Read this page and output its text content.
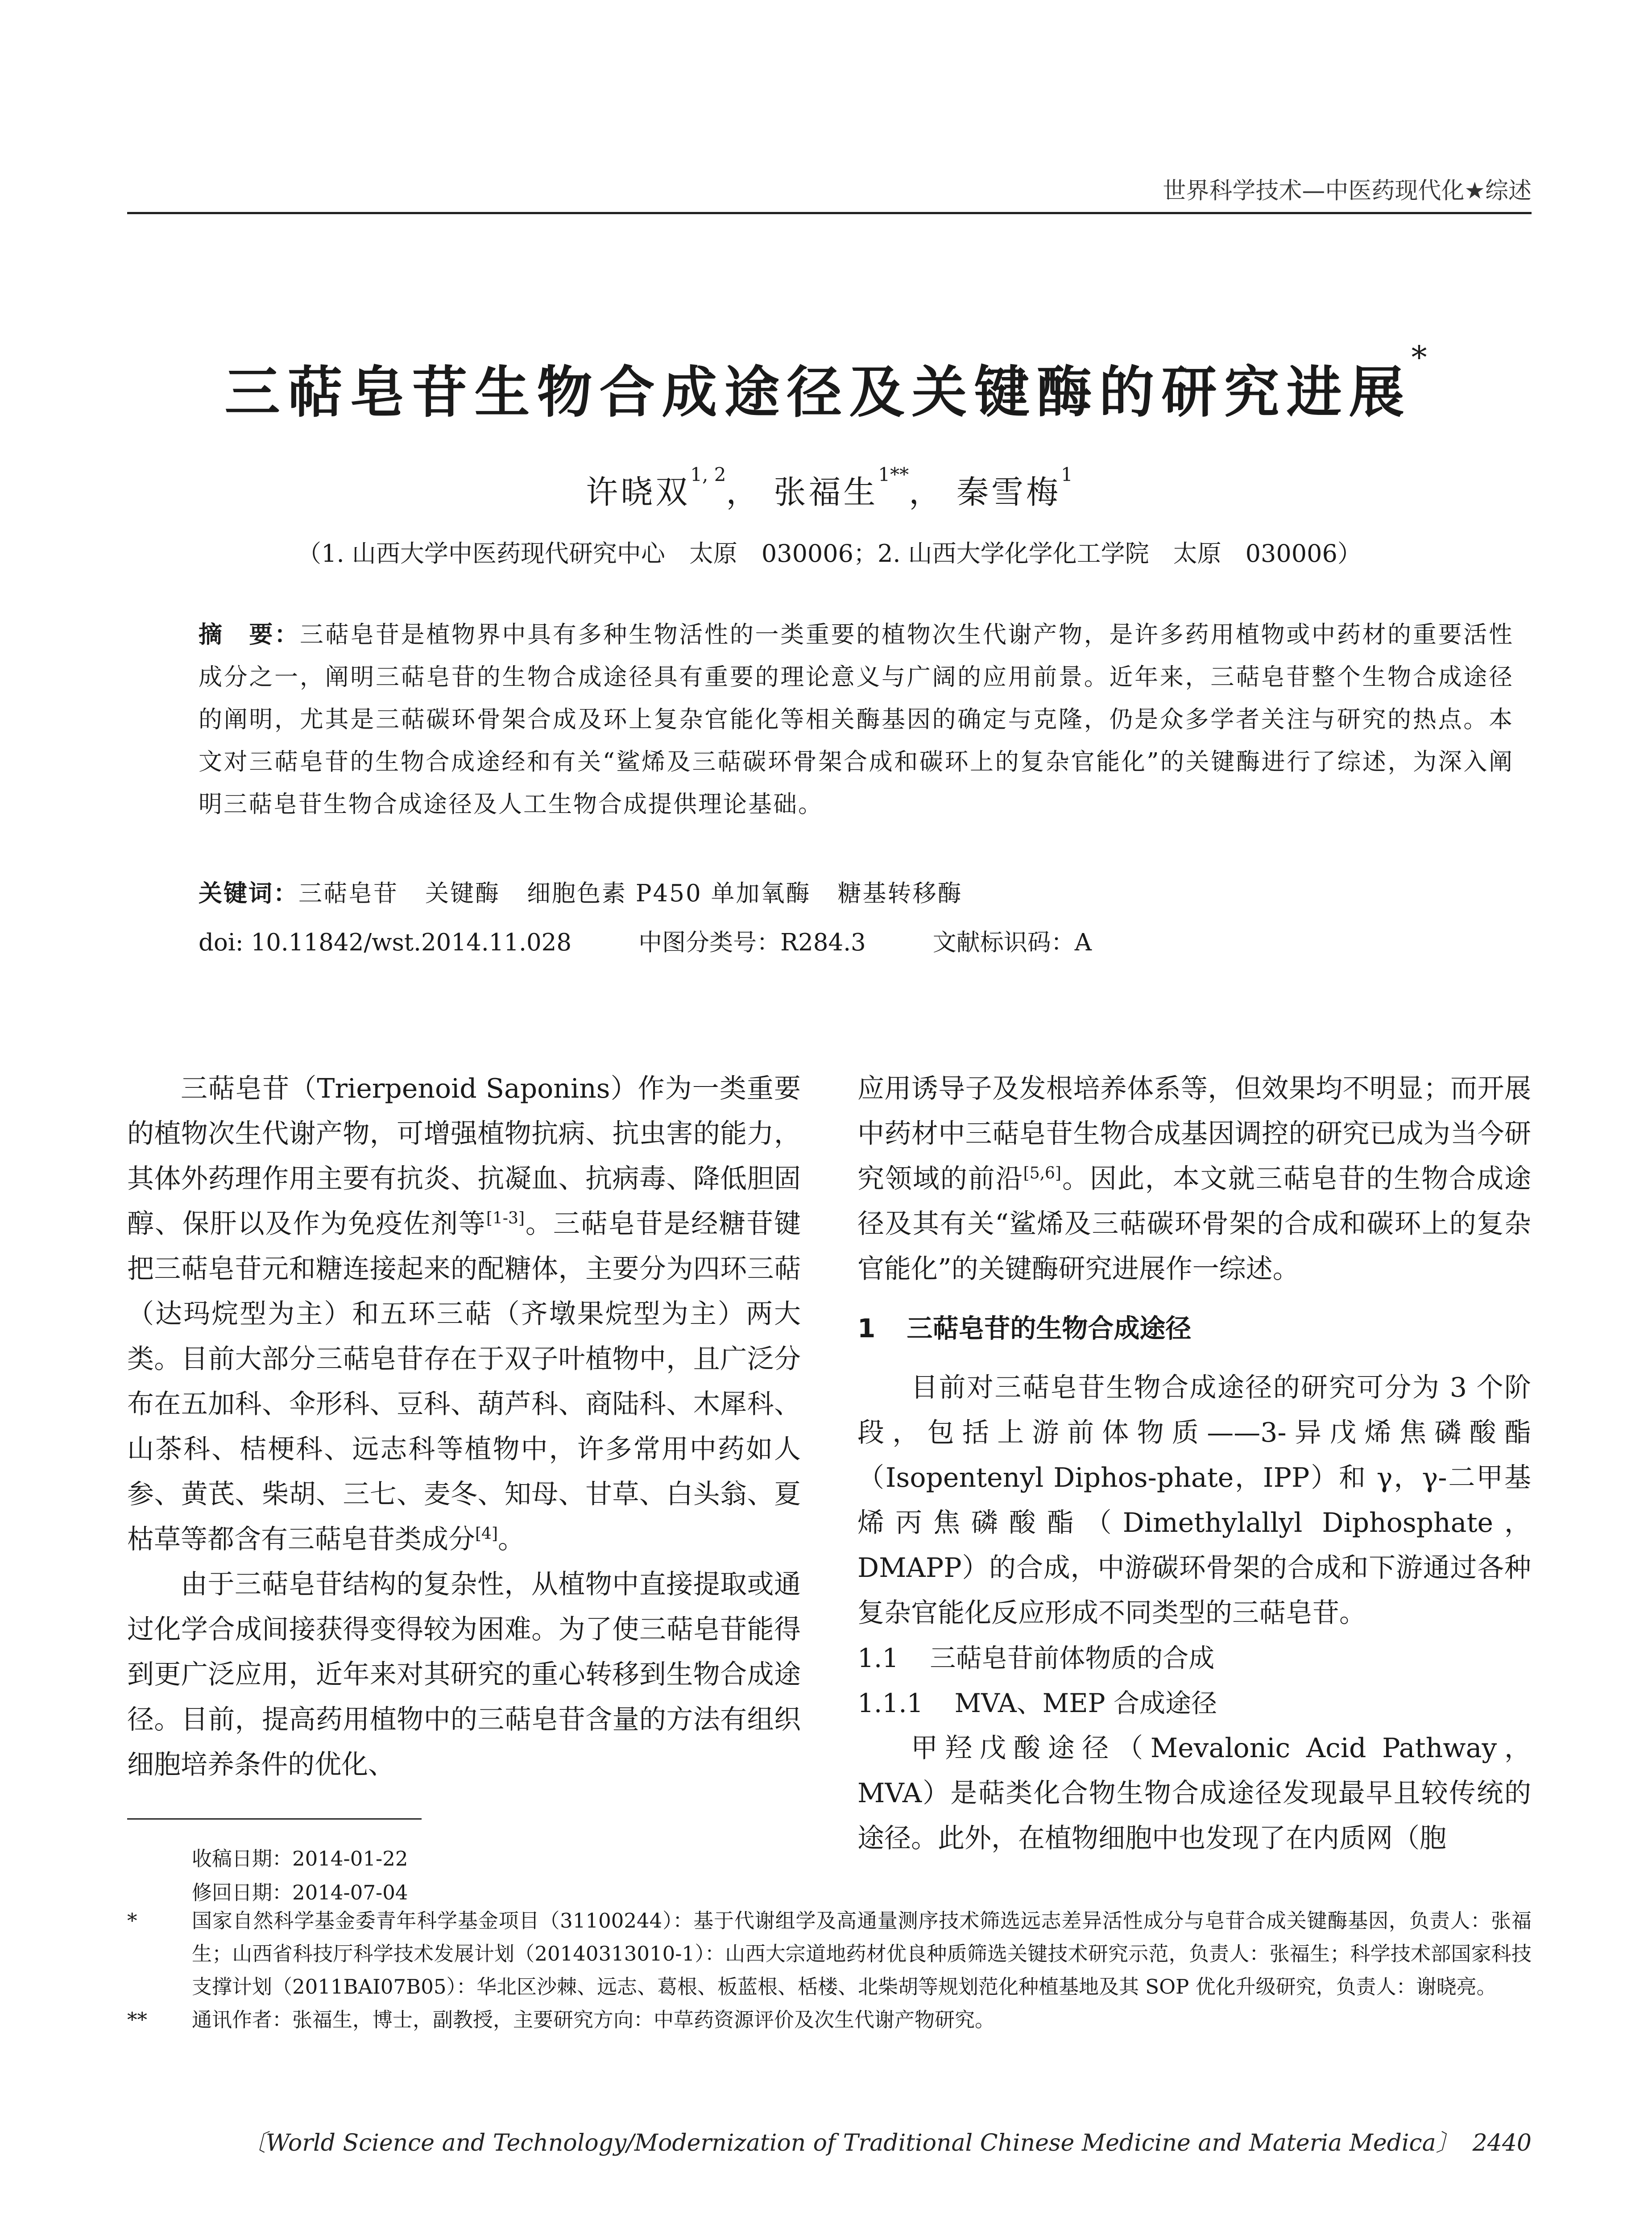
世界科学技术—中医药现代化★综述
三萜皂苷生物合成途径及关键酶的研究进展*
许晓双$^{1, 2}$， 张福生$^{1**}$， 秦雪梅$^1$
（1. 山西大学中医药现代研究中心　太原　030006；2. 山西大学化学化工学院　太原　030006）

摘　要：三萜皂苷是植物界中具有多种生物活性的一类重要的植物次生代谢产物，是许多药用植物或中药材的重要活性成分之一，阐明三萜皂苷的生物合成途径具有重要的理论意义与广阔的应用前景。近年来，三萜皂苷整个生物合成途径的阐明，尤其是三萜碳环骨架合成及环上复杂官能化等相关酶基因的确定与克隆，仍是众多学者关注与研究的热点。本文对三萜皂苷的生物合成途经和有关“鲨烯及三萜碳环骨架合成和碳环上的复杂官能化”的关键酶进行了综述，为深入阐明三萜皂苷生物合成途径及人工生物合成提供理论基础。

关键词：三萜皂苷 关键酶 细胞色素 P450 单加氧酶 糖基转移酶
doi: 10.11842/wst.2014.11.028	中图分类号：R284.3	文献标识码：A

三萜皂苷（Trierpenoid Saponins）作为一类重要的植物次生代谢产物，可增强植物抗病、抗虫害的能力，其体外药理作用主要有抗炎、抗凝血、抗病毒、降低胆固醇、保肝以及作为免疫佐剂等[1-3]。三萜皂苷是经糖苷键把三萜皂苷元和糖连接起来的配糖体，主要分为四环三萜（达玛烷型为主）和五环三萜（齐墩果烷型为主）两大类。目前大部分三萜皂苷存在于双子叶植物中，且广泛分布在五加科、伞形科、豆科、葫芦科、商陆科、木犀科、山茶科、桔梗科、远志科等植物中，许多常用中药如人参、黄芪、柴胡、三七、麦冬、知母、甘草、白头翁、夏枯草等都含有三萜皂苷类成分[4]。

由于三萜皂苷结构的复杂性，从植物中直接提取或通过化学合成间接获得变得较为困难。为了使三萜皂苷能得到更广泛应用，近年来对其研究的重心转移到生物合成途径。目前，提高药用植物中的三萜皂苷含量的方法有组织细胞培养条件的优化、

应用诱导子及发根培养体系等，但效果均不明显；而开展中药材中三萜皂苷生物合成基因调控的研究已成为当今研究领域的前沿[5,6]。因此，本文就三萜皂苷的生物合成途径及其有关“鲨烯及三萜碳环骨架的合成和碳环上的复杂官能化”的关键酶研究进展作一综述。

1 三萜皂苷的生物合成途径

目前对三萜皂苷生物合成途径的研究可分为 3 个阶段，包括上游前体物质——3-异戊烯焦磷酸酯（Isopentenyl Diphos-phate，IPP）和 γ，γ-二甲基烯丙焦磷酸酯（Dimethylallyl Diphosphate，DMAPP）的合成，中游碳环骨架的合成和下游通过各种复杂官能化反应形成不同类型的三萜皂苷。

1.1 三萜皂苷前体物质的合成
1.1.1 MVA、MEP 合成途径

甲羟戊酸途径（Mevalonic Acid Pathway，MVA）是萜类化合物生物合成途径发现最早且较传统的途径。此外，在植物细胞中也发现了在内质网（胞

收稿日期：2014-01-22
修回日期：2014-07-04
*	国家自然科学基金委青年科学基金项目（31100244）：基于代谢组学及高通量测序技术筛选远志差异活性成分与皂苷合成关键酶基因，负责人：张福生；山西省科技厅科学技术发展计划（20140313010-1）：山西大宗道地药材优良种质筛选关键技术研究示范，负责人：张福生；科学技术部国家科技支撑计划（2011BAI07B05）：华北区沙棘、远志、葛根、板蓝根、栝楼、北柴胡等规划范化种植基地及其 SOP 优化升级研究，负责人：谢晓亮。
**	通讯作者：张福生，博士，副教授，主要研究方向：中草药资源评价及次生代谢产物研究。
〔World Science and Technology/Modernization of Traditional Chinese Medicine and Materia Medica〕 2440
